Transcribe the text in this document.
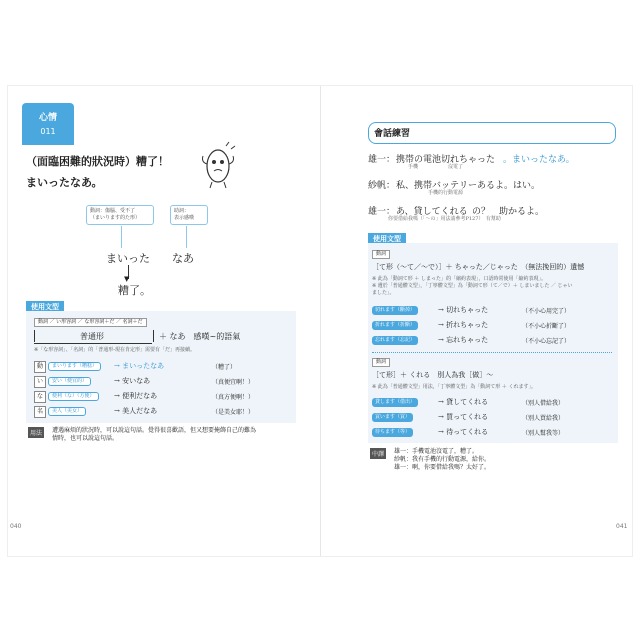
心情
011
（面臨困難的狀況時）糟了！
まいったなあ。
動詞：傷腦、受不了
（まいります的た形）
助詞：
表示感嘆
まいった なあ
▼
糟了。
使用文型
動詞 ／ い形容詞 ／ な形容詞＋だ ／ 名詞＋だ
普通形	＋ なあ　感嘆~的語氣
※「な形容詞」、「名詞」的「普通形-現在肯定形」需要有「だ」再接續。
動	まいります（糟糕）	→ まいったなあ	（糟了）
い	安い（便宜的）	→ 安いなあ	（真便宜啊！）
な	便利（な）（方便）	→ 便利だなあ	（真方便啊！）
名	美人（美女）	→ 美人だなあ	（是美女耶！）
用法	遭遇麻煩的狀況時，可以說這句話。覺得很喜歡語，但又想要掩飾自己的難為
情時，也可以說這句話。
040
會話練習
雄一： 携帯の電池切れちゃった 。まいったなあ。
手機　　　　　　沒電了
紗帆： 私、携帯バッテリーあるよ。はい。
手機的行動電源
雄一： あ、貸してくれる の？　助かるよ。
你要借給我嗎（「～の」用法請參考P127）　有幫助
使用文型
動詞
［て形（～て／～で）］＋ ちゃった／じゃった　（無法挽回的）遺憾
※ 此為「動詞て形 ＋ しまった」的「縮約表現」，口語時常使用「縮約表現」。
※ 遺於「普通體文型」，「丁寧體文型」為「動詞て形（て／で）＋ しまいました ／ じゃい
ました」。
切れます（斷掉）	→ 切れちゃった	（不小心用完了）
折れます（折斷）	→ 折れちゃった	（不小心折斷了）
忘れます（忘記）	→ 忘れちゃった	（不小心忘記了）
動詞
［て形］＋ くれる　別人為我［做］～
※ 此為「普通體文型」用法，「丁寧體文型」為「動詞て形 ＋ くれます」。
貸します（借出）	→ 貸してくれる	（別人借給我）
買います（買）	→ 買ってくれる	（別人買給我）
待ちます（等）	→ 待ってくれる	（別人幫我等）
中譯	雄一：手機電池沒電了，糟了。
紗帆：我有手機的行動電源，給你。
雄一：啊，你要借給我嗎？太好了。
041
